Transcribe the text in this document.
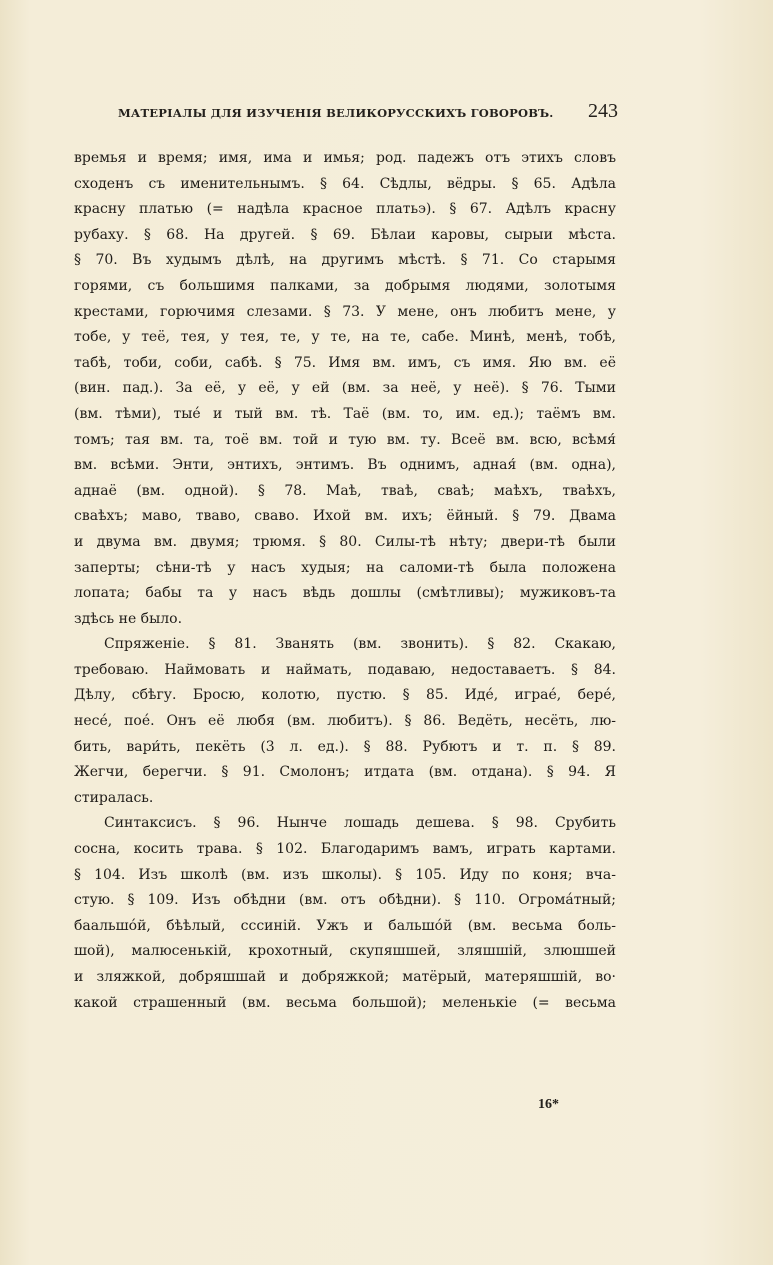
МАТЕРІАЛЫ ДЛЯ ИЗУЧЕНІЯ ВЕЛИКОРУССКИХЪ ГОВОРОВЪ. 243
времья и время; имя, има и имья; род. падежъ отъ этихъ словъ
сходенъ съ именительнымъ. § 64. Сѣдлы, вёдры. § 65. Адѣла
красну платью (= надѣла красное платьэ). § 67. Адѣлъ красну
рубаху. § 68. На другей. § 69. Бѣлаи каровы, сырыи мѣста.
§ 70. Въ худымъ дѣлѣ, на другимъ мѣстѣ. § 71. Со старымя
горями, съ большимя палками, за добрымя людями, золотымя
крестами, горючимя слезами. § 73. У мене, онъ любитъ мене, у
тобе, у теё, тея, у тея, те, у те, на те, сабе. Минѣ, менѣ, тобѣ,
табѣ, тоби, соби, сабѣ. § 75. Имя вм. имъ, съ имя. Яю вм. её
(вин. пад.). За её, у её, у ей (вм. за неё, у неё). § 76. Тыми
(вм. тѣми), тыé и тый вм. тѣ. Таё (вм. то, им. ед.); таёмъ вм.
томъ; тая вм. та, тоё вм. той и тую вм. ту. Всеё вм. всю, всѣмя́
вм. всѣми. Энти, энтихъ, энтимъ. Въ однимъ, адная́ (вм. одна),
аднаё (вм. одной). § 78. Маѣ, тваѣ, сваѣ; маѣхъ, тваѣхъ,
сваѣхъ; маво, тваво, сваво. Ихой вм. ихъ; ёйный. § 79. Двама
и двума вм. двумя; трюмя. § 80. Силы-тѣ нѣту; двери-тѣ были
заперты; сѣни-тѣ у насъ худыя; на саломи-тѣ была положена
лопата; бабы та у насъ вѣдь дошлы (смѣтливы); мужиковъ-та
здѣсь не было.
Спряженіе. § 81. Званять (вм. звонить). § 82. Скакаю,
требоваю. Наймовать и наймать, подаваю, недоставаетъ. § 84.
Дѣлу, сбѣгу. Бросю, колотю, пустю. § 85. Идé, играé, берé,
несé, поé. Онъ её люб́я (вм. любитъ). § 86. Ведёть, несёть, лю-
бить, вари́ть, пекёть (3 л. ед.). § 88. Рубютъ и т. п. § 89.
Жегчи, берегчи. § 91. Смолонъ; итдата (вм. отдана). § 94. Я
стиралась.
Синтаксисъ. § 96. Нынче лошадь дешева. § 98. Срубить
сосна, косить трава. § 102. Благодаримъ вамъ, играть картами.
§ 104. Изъ школѣ (вм. изъ школы). § 105. Иду по коня; вча-
стую. § 109. Изъ обѣдни (вм. отъ обѣдни). § 110. Огромáтный;
баальшóй, бѣѣлый, сссиній. Ужъ и бальшóй (вм. весьма боль-
шой), малюсенькій, крохотный, скупяшшей, зляшшій, злюшшей
и зляжкой, добряшшай и добряжкой; матёрый, матеряшшій, во·
какой страшенный (вм. весьма большой); меленькіе (= весьма
16*
